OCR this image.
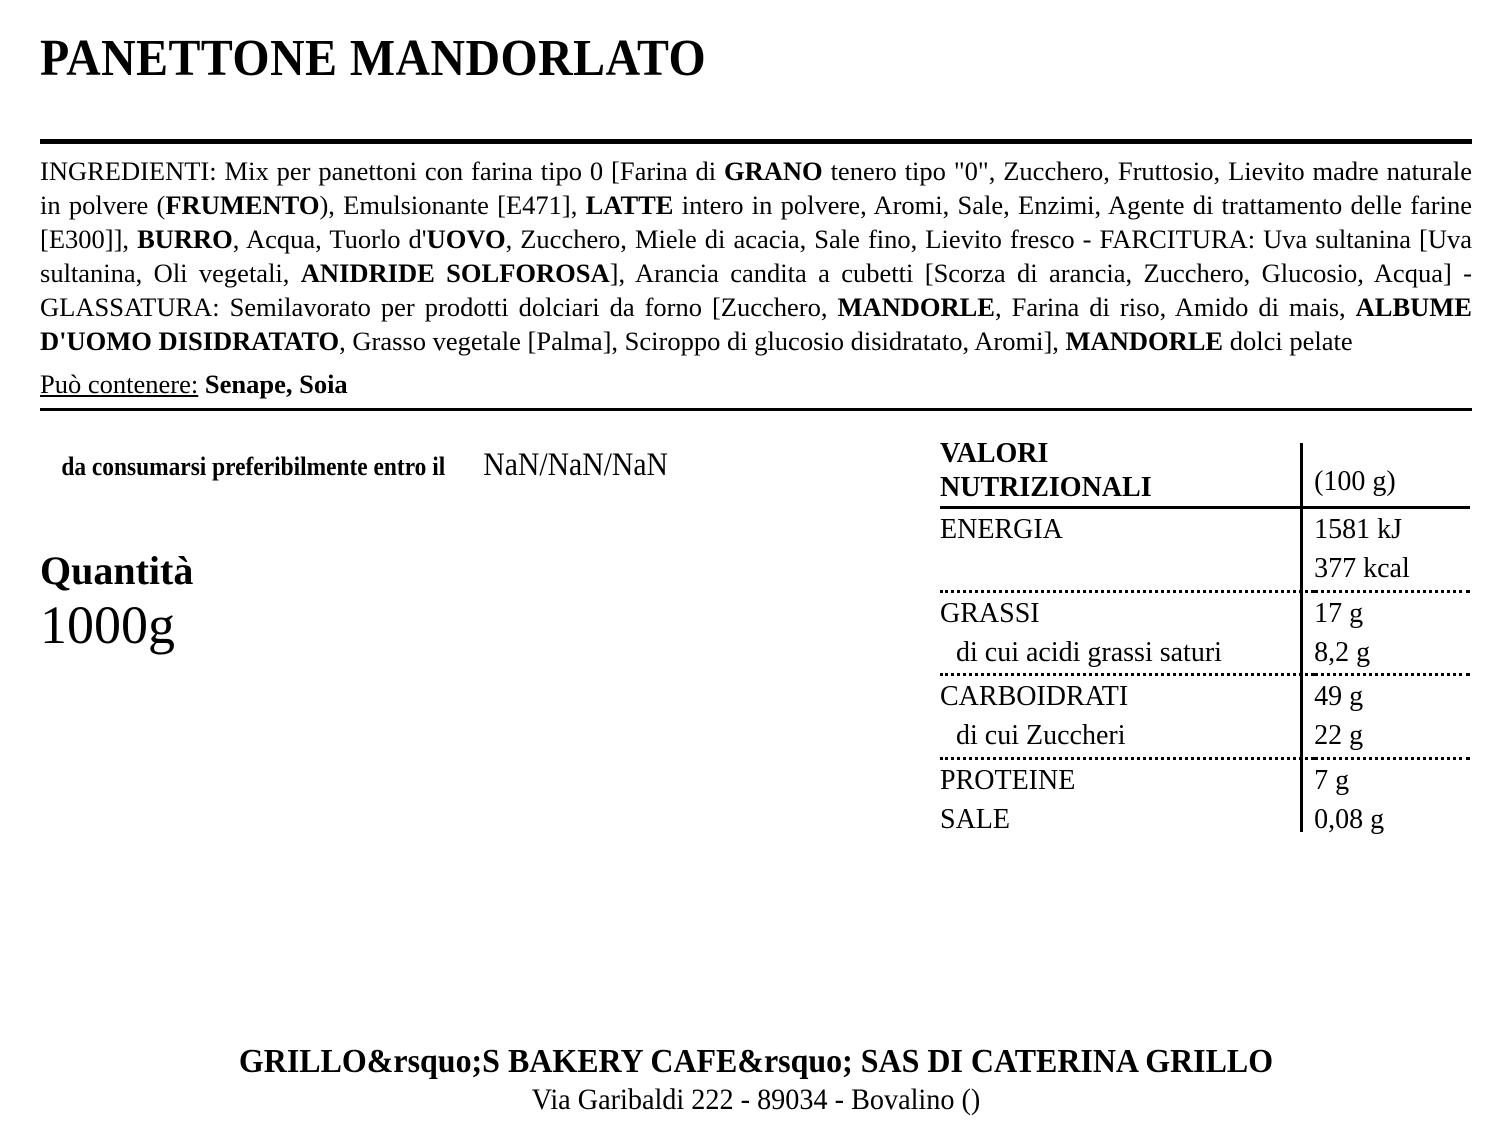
PANETTONE MANDORLATO

INGREDIENTI: Mix per panettoni con farina tipo 0 [Farina di GRANO tenero tipo "0", Zucchero, Fruttosio, Lievito madre naturale in polvere (FRUMENTO), Emulsionante [E471], LATTE intero in polvere, Aromi, Sale, Enzimi, Agente di trattamento delle farine [E300]], BURRO, Acqua, Tuorlo d'UOVO, Zucchero, Miele di acacia, Sale fino, Lievito fresco - FARCITURA: Uva sultanina [Uva sultanina, Oli vegetali, ANIDRIDE SOLFOROSA], Arancia candita a cubetti [Scorza di arancia, Zucchero, Glucosio, Acqua] - GLASSATURA: Semilavorato per prodotti dolciari da forno [Zucchero, MANDORLE, Farina di riso, Amido di mais, ALBUME D'UOMO DISIDRATATO, Grasso vegetale [Palma], Sciroppo di glucosio disidratato, Aromi], MANDORLE dolci pelate

Può contenere: Senape, Soia

da consumarsi preferibilmente entro il NaN/NaN/NaN
Quantità
1000g
VALORI
NUTRIZIONALI	(100 g)
ENERGIA	1581 kJ
	377 kcal
GRASSI	17 g
di cui acidi grassi saturi	8,2 g
CARBOIDRATI	49 g
di cui Zuccheri	22 g
PROTEINE	7 g
SALE	0,08 g
GRILLO&rsquo;S BAKERY CAFE&rsquo; SAS DI CATERINA GRILLO
Via Garibaldi 222 - 89034 - Bovalino ()
